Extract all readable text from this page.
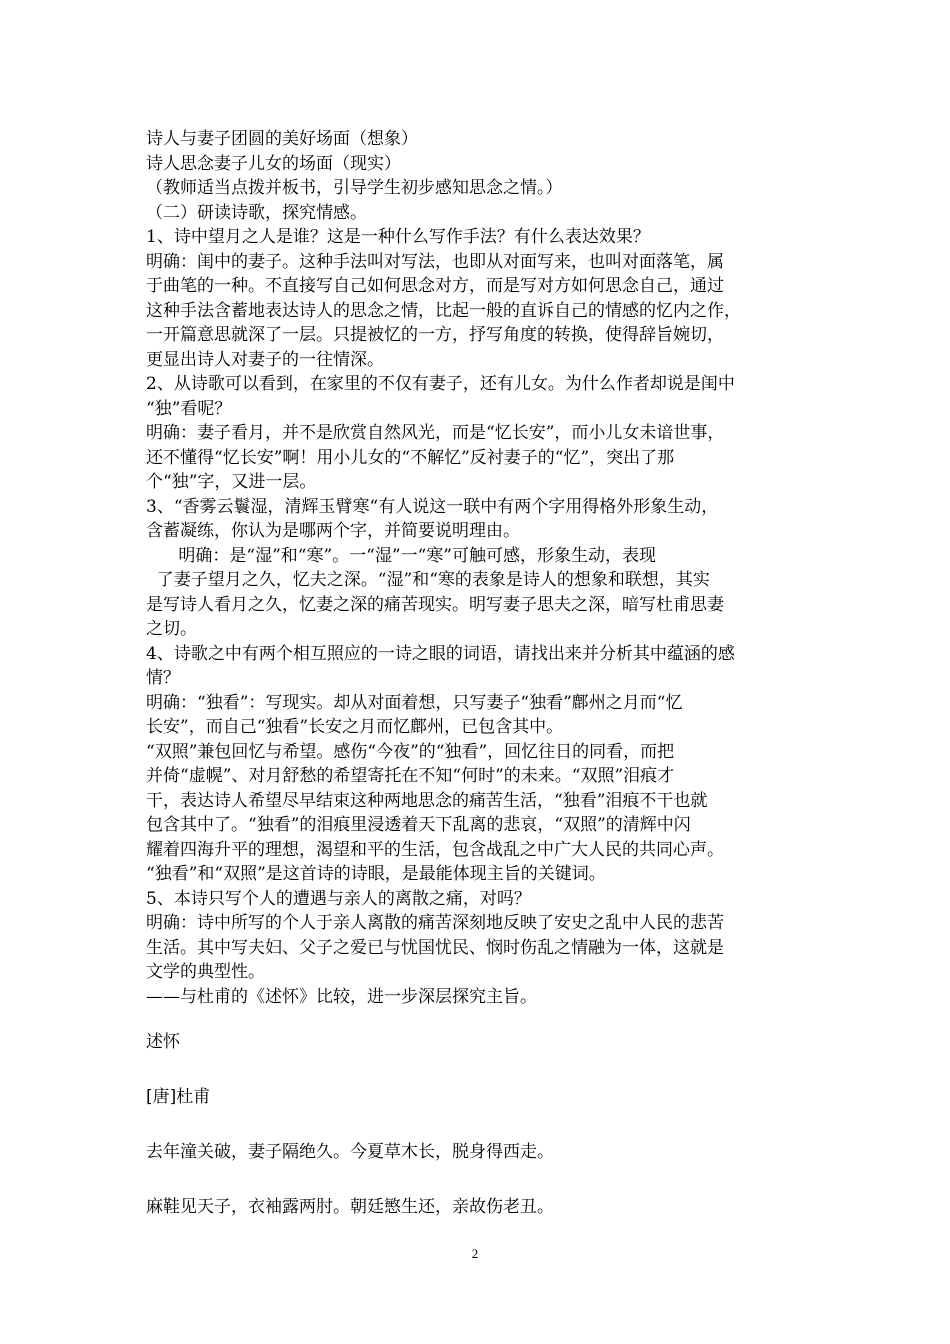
诗人与妻子团圆的美好场面（想象）

诗人思念妻子儿女的场面（现实）

（教师适当点拨并板书，引导学生初步感知思念之情。）

（二）研读诗歌，探究情感。

1、诗中望月之人是谁？这是一种什么写作手法？有什么表达效果？

明确：闺中的妻子。这种手法叫对写法，也即从对面写来，也叫对面落笔，属

于曲笔的一种。不直接写自己如何思念对方，而是写对方如何思念自己，通过

这种手法含蓄地表达诗人的思念之情，比起一般的直诉自己的情感的忆内之作，

一开篇意思就深了一层。只提被忆的一方，抒写角度的转换，使得辞旨婉切，

更显出诗人对妻子的一往情深。

2、从诗歌可以看到，在家里的不仅有妻子，还有儿女。为什么作者却说是闺中

“独”看呢？

明确：妻子看月，并不是欣赏自然风光，而是“忆长安”，而小儿女未谙世事，

还不懂得“忆长安”啊！用小儿女的“不解忆”反衬妻子的“忆”，突出了那

个“独”字，又进一层。

3、“香雾云鬟湿，清辉玉臂寒“有人说这一联中有两个字用得格外形象生动，

含蓄凝练，你认为是哪两个字，并简要说明理由。

明确：是“湿”和“寒”。一“湿”一“寒”可触可感，形象生动，表现

了妻子望月之久，忆夫之深。“湿”和“寒的表象是诗人的想象和联想，其实

是写诗人看月之久，忆妻之深的痛苦现实。明写妻子思夫之深，暗写杜甫思妻

之切。

4、诗歌之中有两个相互照应的一诗之眼的词语，请找出来并分析其中蕴涵的感

情？

明确：“独看”：写现实。却从对面着想，只写妻子“独看”鄜州之月而“忆

长安”，而自己“独看”长安之月而忆鄜州，已包含其中。

“双照”兼包回忆与希望。感伤“今夜”的“独看”，回忆往日的同看，而把

并倚“虚幌”、对月舒愁的希望寄托在不知“何时”的未来。“双照”泪痕才

干，表达诗人希望尽早结束这种两地思念的痛苦生活，“独看”泪痕不干也就

包含其中了。“独看”的泪痕里浸透着天下乱离的悲哀，“双照”的清辉中闪

耀着四海升平的理想，渴望和平的生活，包含战乱之中广大人民的共同心声。

“独看”和“双照”是这首诗的诗眼，是最能体现主旨的关键词。

5、本诗只写个人的遭遇与亲人的离散之痛，对吗？

明确：诗中所写的个人于亲人离散的痛苦深刻地反映了安史之乱中人民的悲苦

生活。其中写夫妇、父子之爱已与忧国忧民、悯时伤乱之情融为一体，这就是

文学的典型性。

——与杜甫的《述怀》比较，进一步深层探究主旨。

述怀

[唐]杜甫

去年潼关破，妻子隔绝久。今夏草木长，脱身得西走。

麻鞋见天子，衣袖露两肘。朝廷慜生还，亲故伤老丑。

2
